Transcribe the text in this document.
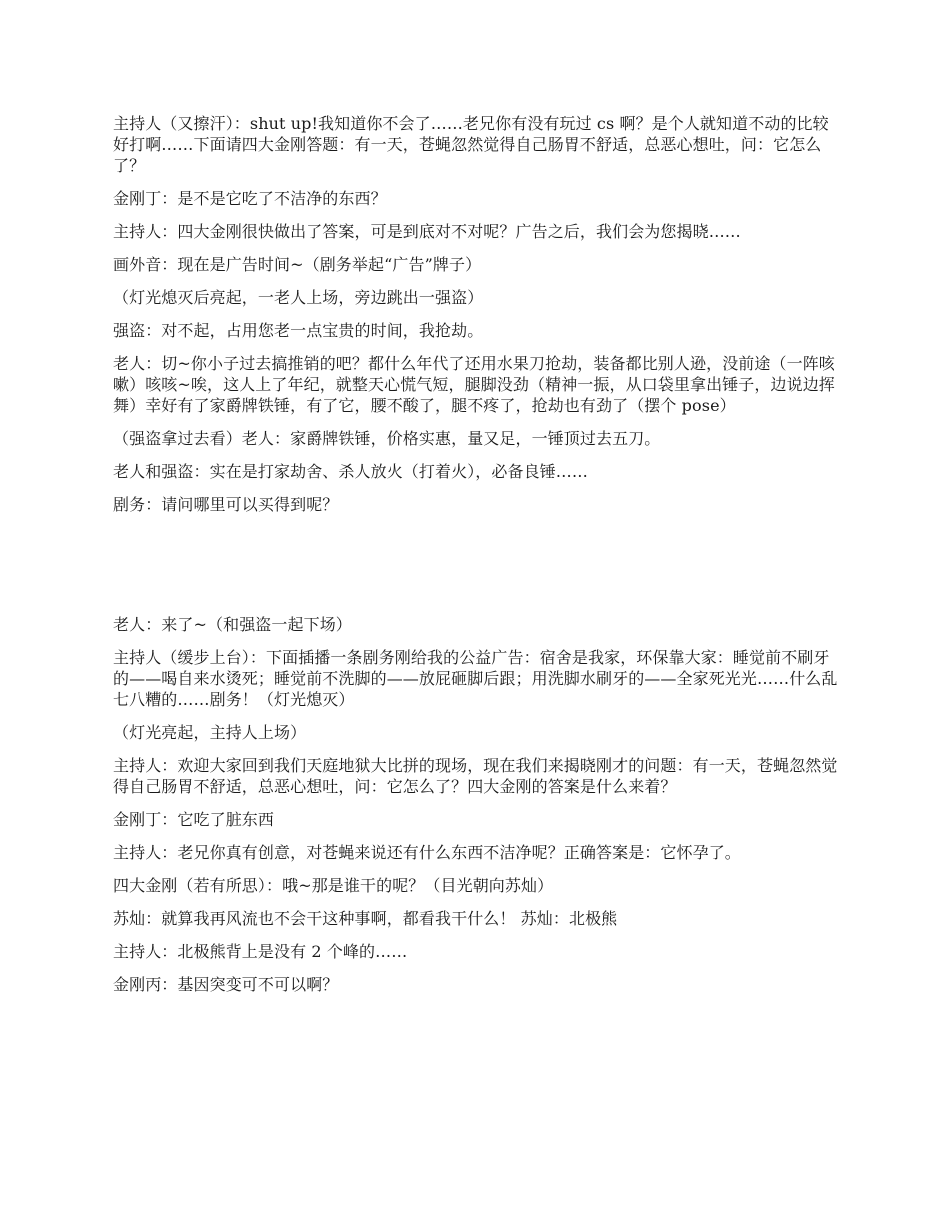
主持人（又擦汗）：shut up!我知道你不会了……老兄你有没有玩过 cs 啊？是个人就知道不动的比较好打啊……下面请四大金刚答题：有一天，苍蝇忽然觉得自己肠胃不舒适，总恶心想吐，问：它怎么了？

金刚丁：是不是它吃了不洁净的东西？

主持人：四大金刚很快做出了答案，可是到底对不对呢？广告之后，我们会为您揭晓……

画外音：现在是广告时间~（剧务举起“广告”牌子）

（灯光熄灭后亮起，一老人上场，旁边跳出一强盗）

强盗：对不起，占用您老一点宝贵的时间，我抢劫。

老人：切~你小子过去搞推销的吧？都什么年代了还用水果刀抢劫，装备都比别人逊，没前途（一阵咳嗽）咳咳~唉，这人上了年纪，就整天心慌气短，腿脚没劲（精神一振，从口袋里拿出锤子，边说边挥舞）幸好有了家爵牌铁锤，有了它，腰不酸了，腿不疼了，抢劫也有劲了（摆个 pose）

（强盗拿过去看）老人：家爵牌铁锤，价格实惠，量又足，一锤顶过去五刀。

老人和强盗：实在是打家劫舍、杀人放火（打着火），必备良锤……

剧务：请问哪里可以买得到呢？

老人：来了~（和强盗一起下场）

主持人（缓步上台）：下面插播一条剧务刚给我的公益广告：宿舍是我家，环保靠大家：睡觉前不刷牙的——喝自来水烫死；睡觉前不洗脚的——放屁砸脚后跟；用洗脚水刷牙的——全家死光光……什么乱七八糟的……剧务！（灯光熄灭）

（灯光亮起，主持人上场）

主持人：欢迎大家回到我们天庭地狱大比拼的现场，现在我们来揭晓刚才的问题：有一天，苍蝇忽然觉得自己肠胃不舒适，总恶心想吐，问：它怎么了？四大金刚的答案是什么来着？

金刚丁：它吃了脏东西

主持人：老兄你真有创意，对苍蝇来说还有什么东西不洁净呢？正确答案是：它怀孕了。

四大金刚（若有所思）：哦~那是谁干的呢？（目光朝向苏灿）

苏灿：就算我再风流也不会干这种事啊，都看我干什么！ 苏灿：北极熊

主持人：北极熊背上是没有 2 个峰的……

金刚丙：基因突变可不可以啊？
